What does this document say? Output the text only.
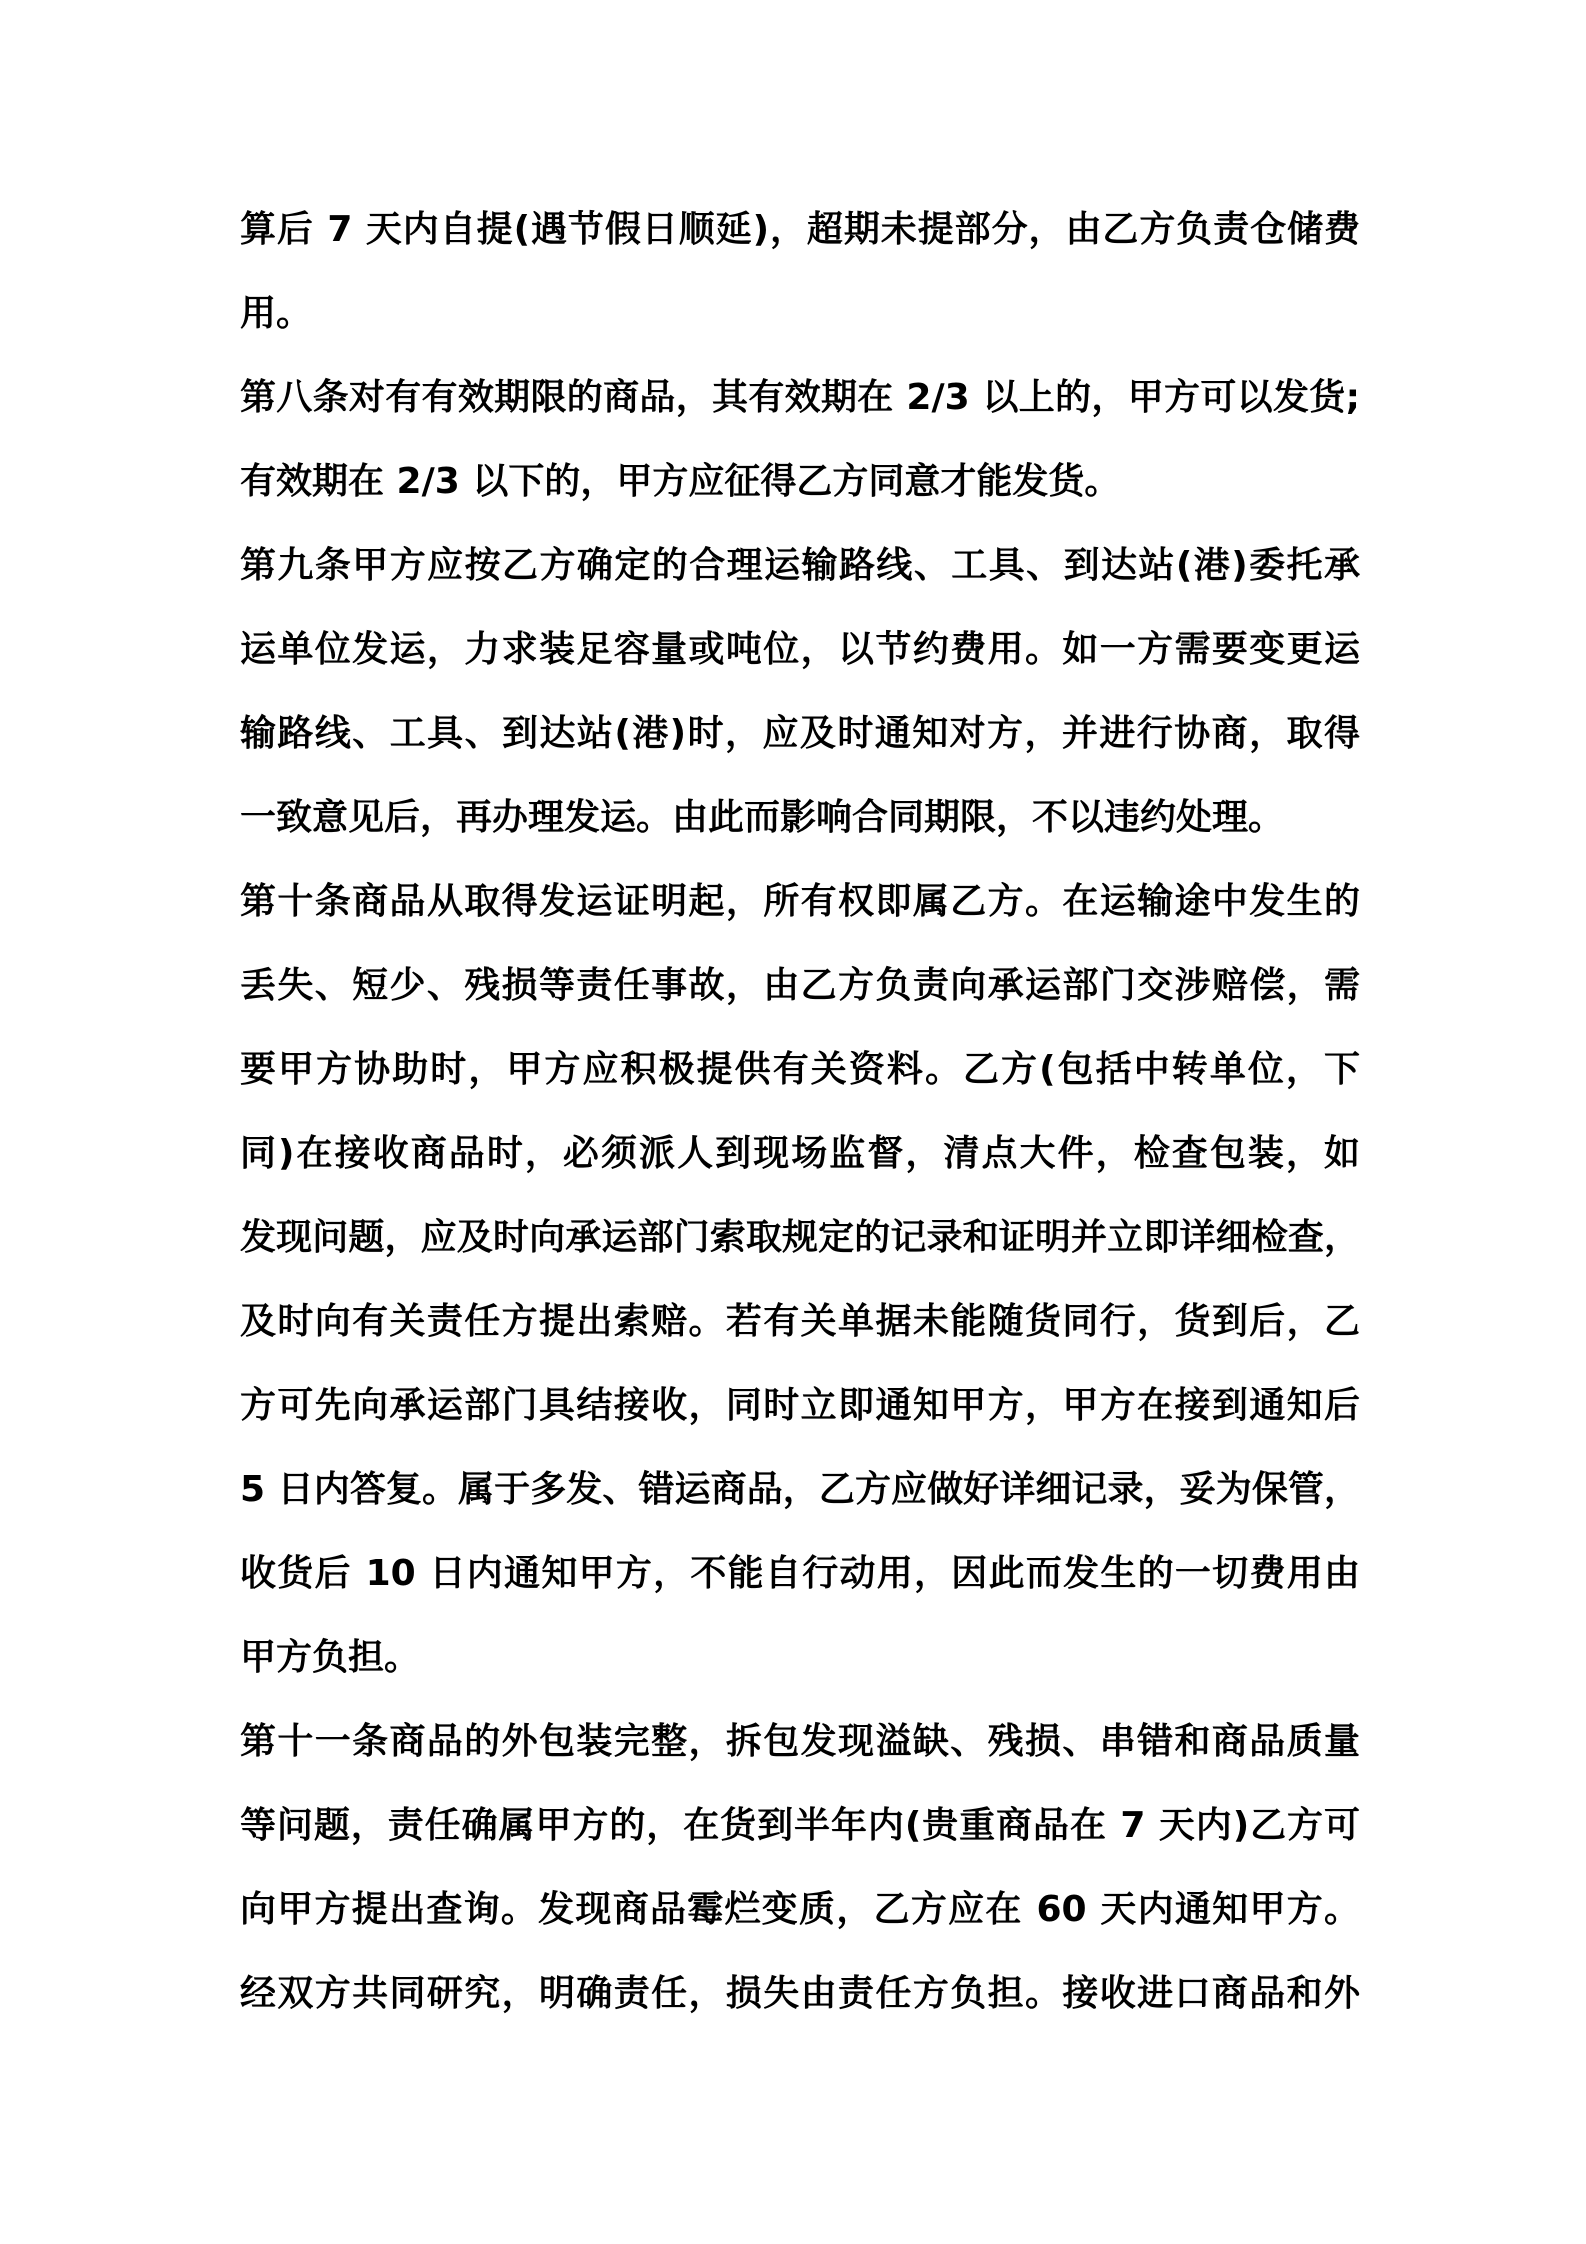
算后 7 天内自提(遇节假日顺延)，超期未提部分，由乙方负责仓储费
用。
第八条对有有效期限的商品，其有效期在 2/3 以上的，甲方可以发货;
有效期在 2/3 以下的，甲方应征得乙方同意才能发货。
第九条甲方应按乙方确定的合理运输路线、工具、到达站(港)委托承
运单位发运，力求装足容量或吨位，以节约费用。如一方需要变更运
输路线、工具、到达站(港)时，应及时通知对方，并进行协商，取得
一致意见后，再办理发运。由此而影响合同期限，不以违约处理。
第十条商品从取得发运证明起，所有权即属乙方。在运输途中发生的
丢失、短少、残损等责任事故，由乙方负责向承运部门交涉赔偿，需
要甲方协助时，甲方应积极提供有关资料。乙方(包括中转单位，下
同)在接收商品时，必须派人到现场监督，清点大件，检查包装，如
发现问题，应及时向承运部门索取规定的记录和证明并立即详细检查，
及时向有关责任方提出索赔。若有关单据未能随货同行，货到后，乙
方可先向承运部门具结接收，同时立即通知甲方，甲方在接到通知后
5 日内答复。属于多发、错运商品，乙方应做好详细记录，妥为保管，
收货后 10 日内通知甲方，不能自行动用，因此而发生的一切费用由
甲方负担。
第十一条商品的外包装完整，拆包发现溢缺、残损、串错和商品质量
等问题，责任确属甲方的，在货到半年内(贵重商品在 7 天内)乙方可
向甲方提出查询。发现商品霉烂变质，乙方应在 60 天内通知甲方。
经双方共同研究，明确责任，损失由责任方负担。接收进口商品和外
